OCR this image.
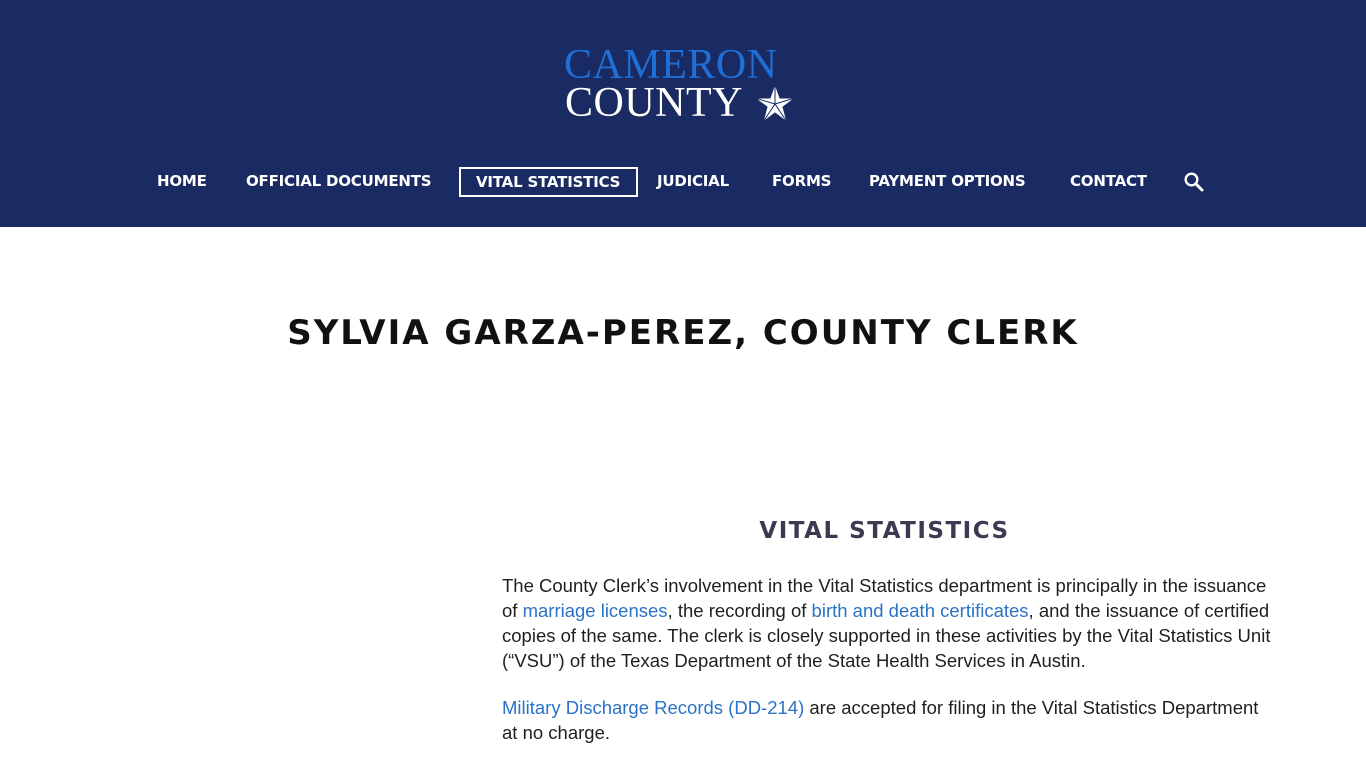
CAMERON
COUNTY
HOME	OFFICIAL DOCUMENTS	VITAL STATISTICS	JUDICIAL	FORMS	PAYMENT OPTIONS	CONTACT
SYLVIA GARZA-PEREZ, COUNTY CLERK
VITAL STATISTICS

The County Clerk’s involvement in the Vital Statistics department is principally in the issuance of marriage licenses, the recording of birth and death certificates, and the issuance of certified copies of the same. The clerk is closely supported in these activities by the Vital Statistics Unit (“VSU”) of the Texas Department of the State Health Services in Austin.

Military Discharge Records (DD-214) are accepted for filing in the Vital Statistics Department at no charge.
